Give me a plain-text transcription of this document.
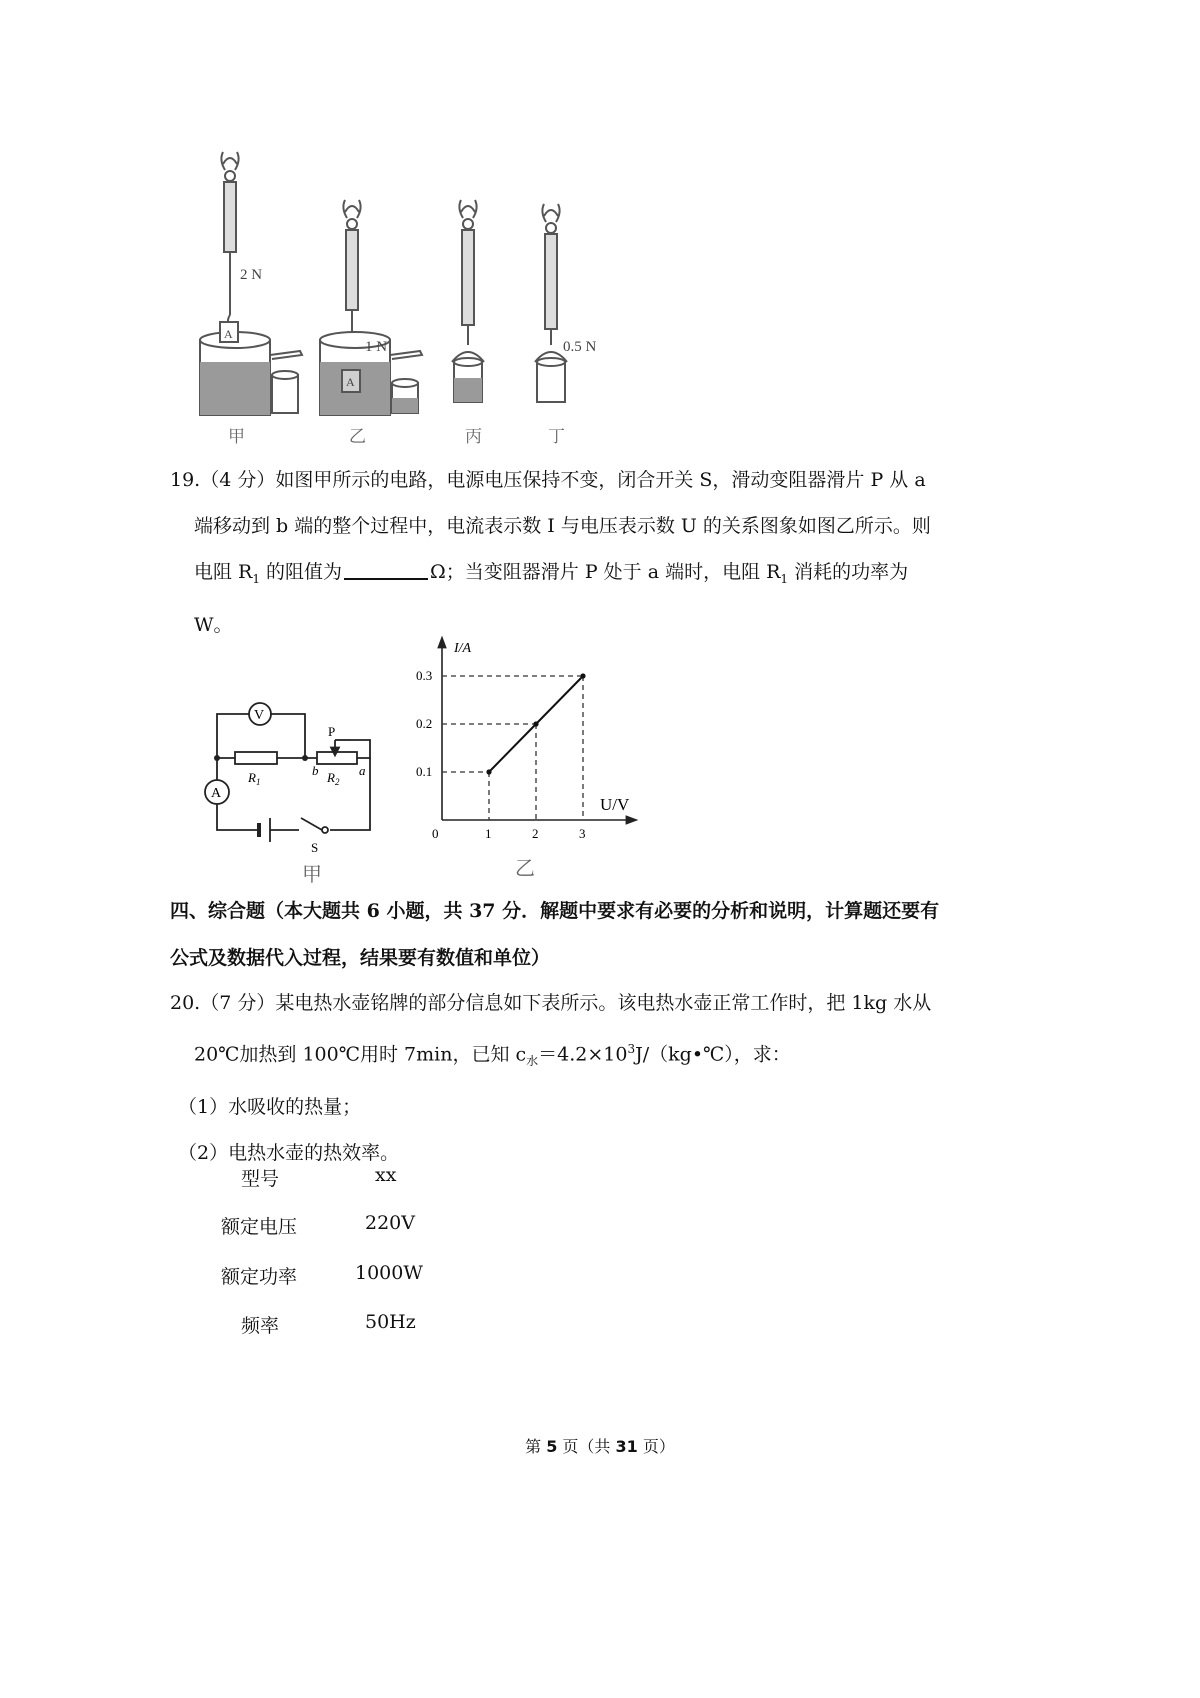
A
A
2 N
1 N	0.5 N
甲	乙	丙	丁
19.（4 分）如图甲所示的电路，电源电压保持不变，闭合开关 S，滑动变阻器滑片 P 从 a
端移动到 b 端的整个过程中，电流表示数 I 与电压表示数 U 的关系图象如图乙所示。则
电阻 $R_1$ 的阻值为	Ω；当变阻器滑片 P 处于 a 端时，电阻 $R_1$ 消耗的功率为
W。
V
A
$R_1$	$R_2$
P
b	a
S
甲
0	1	2	3
0.1
0.2
0.3
I/A
U/V
乙
四、综合题（本大题共 6 小题，共 37 分．解题中要求有必要的分析和说明，计算题还要有
公式及数据代入过程，结果要有数值和单位）
20.（7 分）某电热水壶铭牌的部分信息如下表所示。该电热水壶正常工作时，把 1kg 水从
20℃加热到 100℃用时 7min，已知 $c_水=4.2\times 10^3J/(kg•℃)$，求：
（1）水吸收的热量；
（2）电热水壶的热效率。
型号	xx
额定电压	220V
额定功率	1000W
频率	50Hz
第 5 页（共 31 页）
